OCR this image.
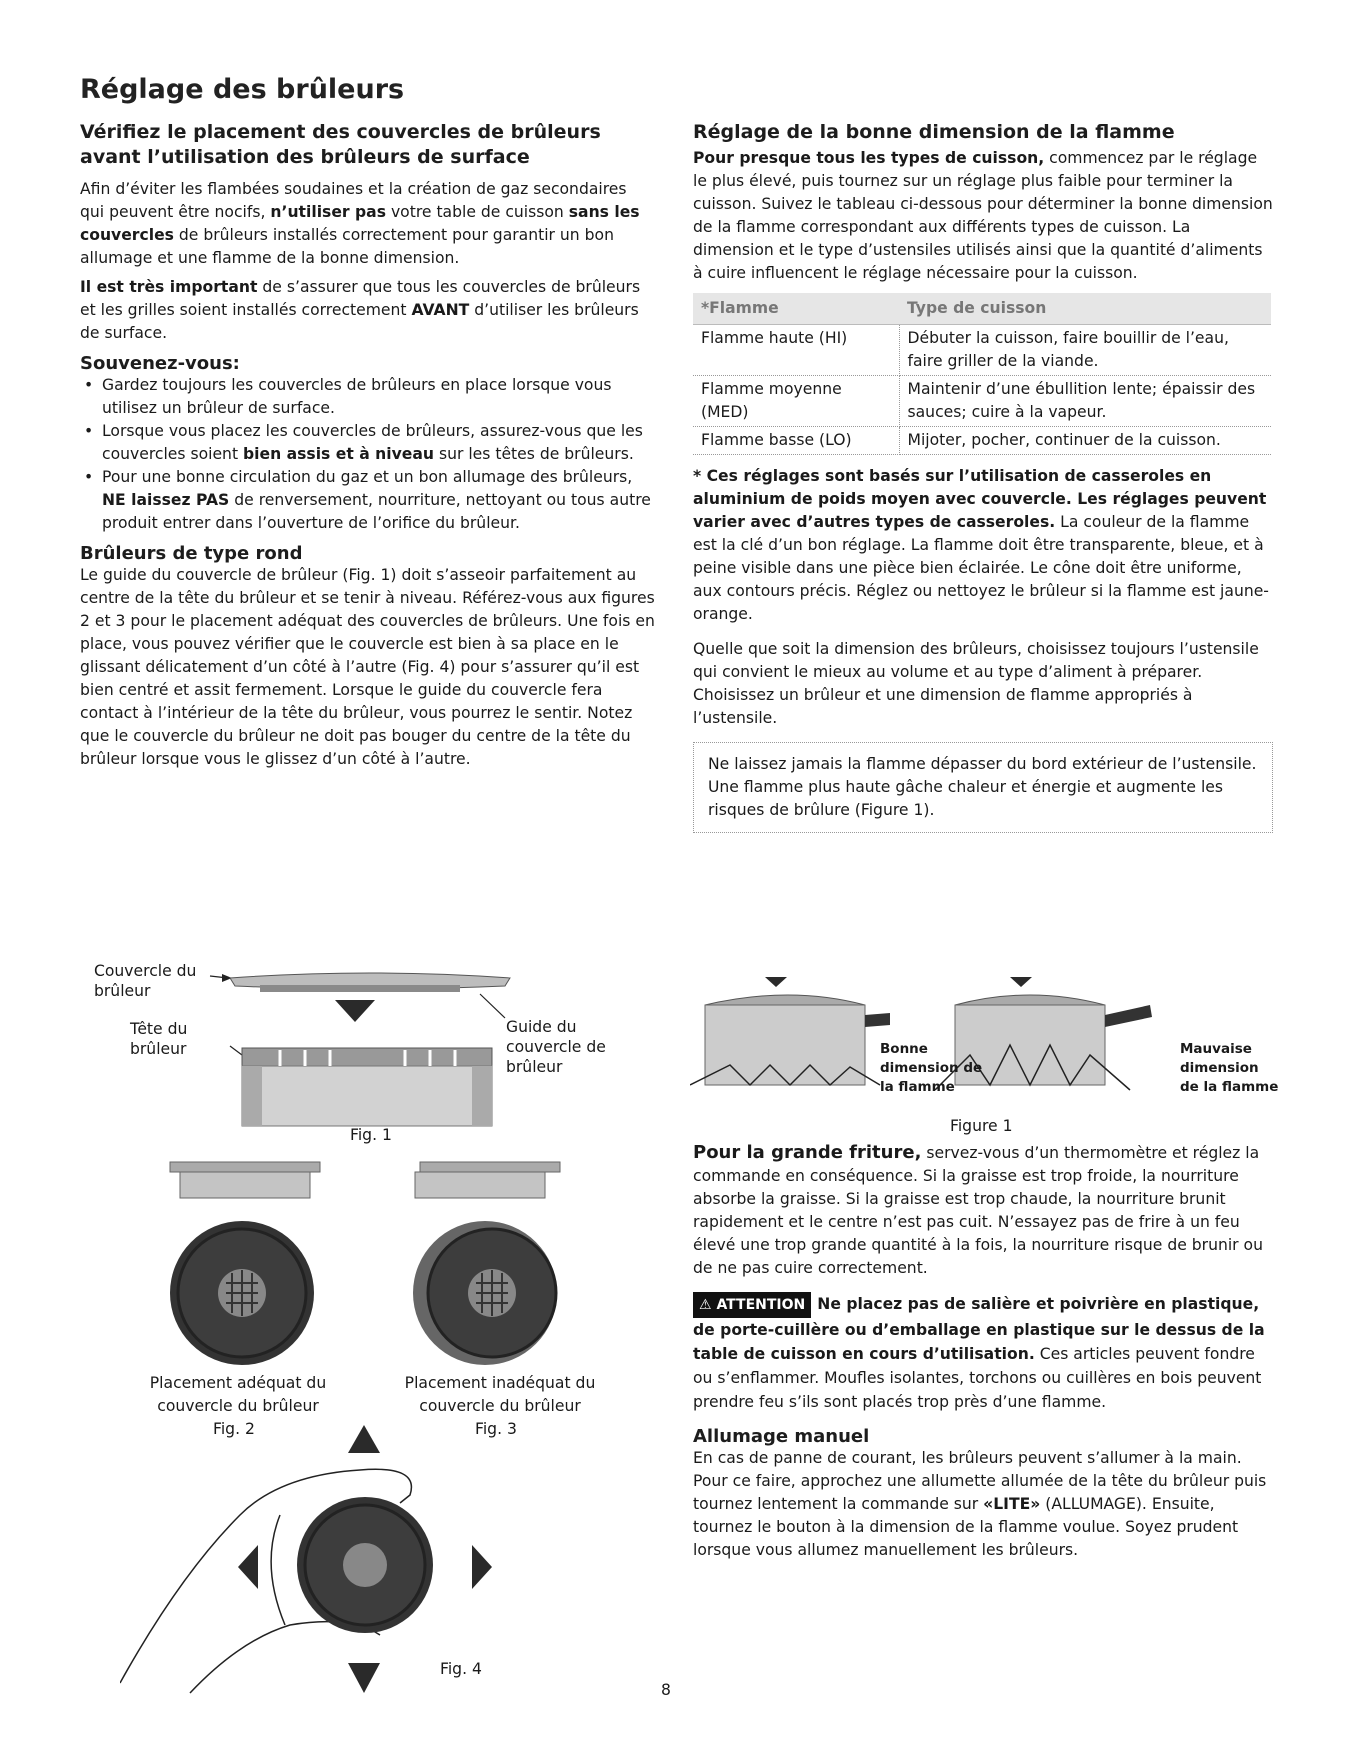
Réglage des brûleurs
Vérifiez le placement des couvercles de brûleurs avant l’utilisation des brûleurs de surface

Afin d’éviter les flambées soudaines et la création de gaz secondaires qui peuvent être nocifs, n’utiliser pas votre table de cuisson sans les couvercles de brûleurs installés correctement pour garantir un bon allumage et une flamme de la bonne dimension.

Il est très important de s’assurer que tous les couvercles de brûleurs et les grilles soient installés correctement AVANT d’utiliser les brûleurs de surface.

Souvenez-vous:
• Gardez toujours les couvercles de brûleurs en place lorsque vous utilisez un brûleur de surface.
• Lorsque vous placez les couvercles de brûleurs, assurez-vous que les couvercles soient bien assis et à niveau sur les têtes de brûleurs.
• Pour une bonne circulation du gaz et un bon allumage des brûleurs, NE laissez PAS de renversement, nourriture, nettoyant ou tous autre produit entrer dans l’ouverture de l’orifice du brûleur.
Brûleurs de type rond

Le guide du couvercle de brûleur (Fig. 1) doit s’asseoir parfaitement au centre de la tête du brûleur et se tenir à niveau. Référez-vous aux figures 2 et 3 pour le placement adéquat des couvercles de brûleurs. Une fois en place, vous pouvez vérifier que le couvercle est bien à sa place en le glissant délicatement d’un côté à l’autre (Fig. 4) pour s’assurer qu’il est bien centré et assit fermement. Lorsque le guide du couvercle fera contact à l’intérieur de la tête du brûleur, vous pourrez le sentir. Notez que le couvercle du brûleur ne doit pas bouger du centre de la tête du brûleur lorsque vous le glissez d’un côté à l’autre.

Couvercle du brûleur
Tête du brûleur
Guide du couvercle de brûleur
Fig. 1
Placement adéquat du couvercle du brûleur
Fig. 2
Placement inadéquat du couvercle du brûleur
Fig. 3
Fig. 4
Réglage de la bonne dimension de la flamme

Pour presque tous les types de cuisson, commencez par le réglage le plus élevé, puis tournez sur un réglage plus faible pour terminer la cuisson. Suivez le tableau ci-dessous pour déterminer la bonne dimension de la flamme correspondant aux différents types de cuisson. La dimension et le type d’ustensiles utilisés ainsi que la quantité d’aliments à cuire influencent le réglage nécessaire pour la cuisson.

*Flamme	Type de cuisson
Flamme haute (HI)	Débuter la cuisson, faire bouillir de l’eau, faire griller de la viande.
Flamme moyenne (MED)	Maintenir d’une ébullition lente; épaissir des sauces; cuire à la vapeur.
Flamme basse (LO)	Mijoter, pocher, continuer de la cuisson.

* Ces réglages sont basés sur l’utilisation de casseroles en aluminium de poids moyen avec couvercle. Les réglages peuvent varier avec d’autres types de casseroles. La couleur de la flamme est la clé d’un bon réglage. La flamme doit être transparente, bleue, et à peine visible dans une pièce bien éclairée. Le cône doit être uniforme, aux contours précis. Réglez ou nettoyez le brûleur si la flamme est jaune-orange.

Quelle que soit la dimension des brûleurs, choisissez toujours l’ustensile qui convient le mieux au volume et au type d’aliment à préparer. Choisissez un brûleur et une dimension de flamme appropriés à l’ustensile.

Ne laissez jamais la flamme dépasser du bord extérieur de l’ustensile. Une flamme plus haute gâche chaleur et énergie et augmente les risques de brûlure (Figure 1).
Bonne dimension de la flamme
Mauvaise dimension de la flamme
Figure 1

Pour la grande friture, servez-vous d’un thermomètre et réglez la commande en conséquence. Si la graisse est trop froide, la nourriture absorbe la graisse. Si la graisse est trop chaude, la nourriture brunit rapidement et le centre n’est pas cuit. N’essayez pas de frire à un feu élevé une trop grande quantité à la fois, la nourriture risque de brunir ou de ne pas cuire correctement.

⚠ ATTENTION Ne placez pas de salière et poivrière en plastique, de porte-cuillère ou d’emballage en plastique sur le dessus de la table de cuisson en cours d’utilisation. Ces articles peuvent fondre ou s’enflammer. Moufles isolantes, torchons ou cuillères en bois peuvent prendre feu s’ils sont placés trop près d’une flamme.

Allumage manuel

En cas de panne de courant, les brûleurs peuvent s’allumer à la main. Pour ce faire, approchez une allumette allumée de la tête du brûleur puis tournez lentement la commande sur «LITE» (ALLUMAGE). Ensuite, tournez le bouton à la dimension de la flamme voulue. Soyez prudent lorsque vous allumez manuellement les brûleurs.

8
